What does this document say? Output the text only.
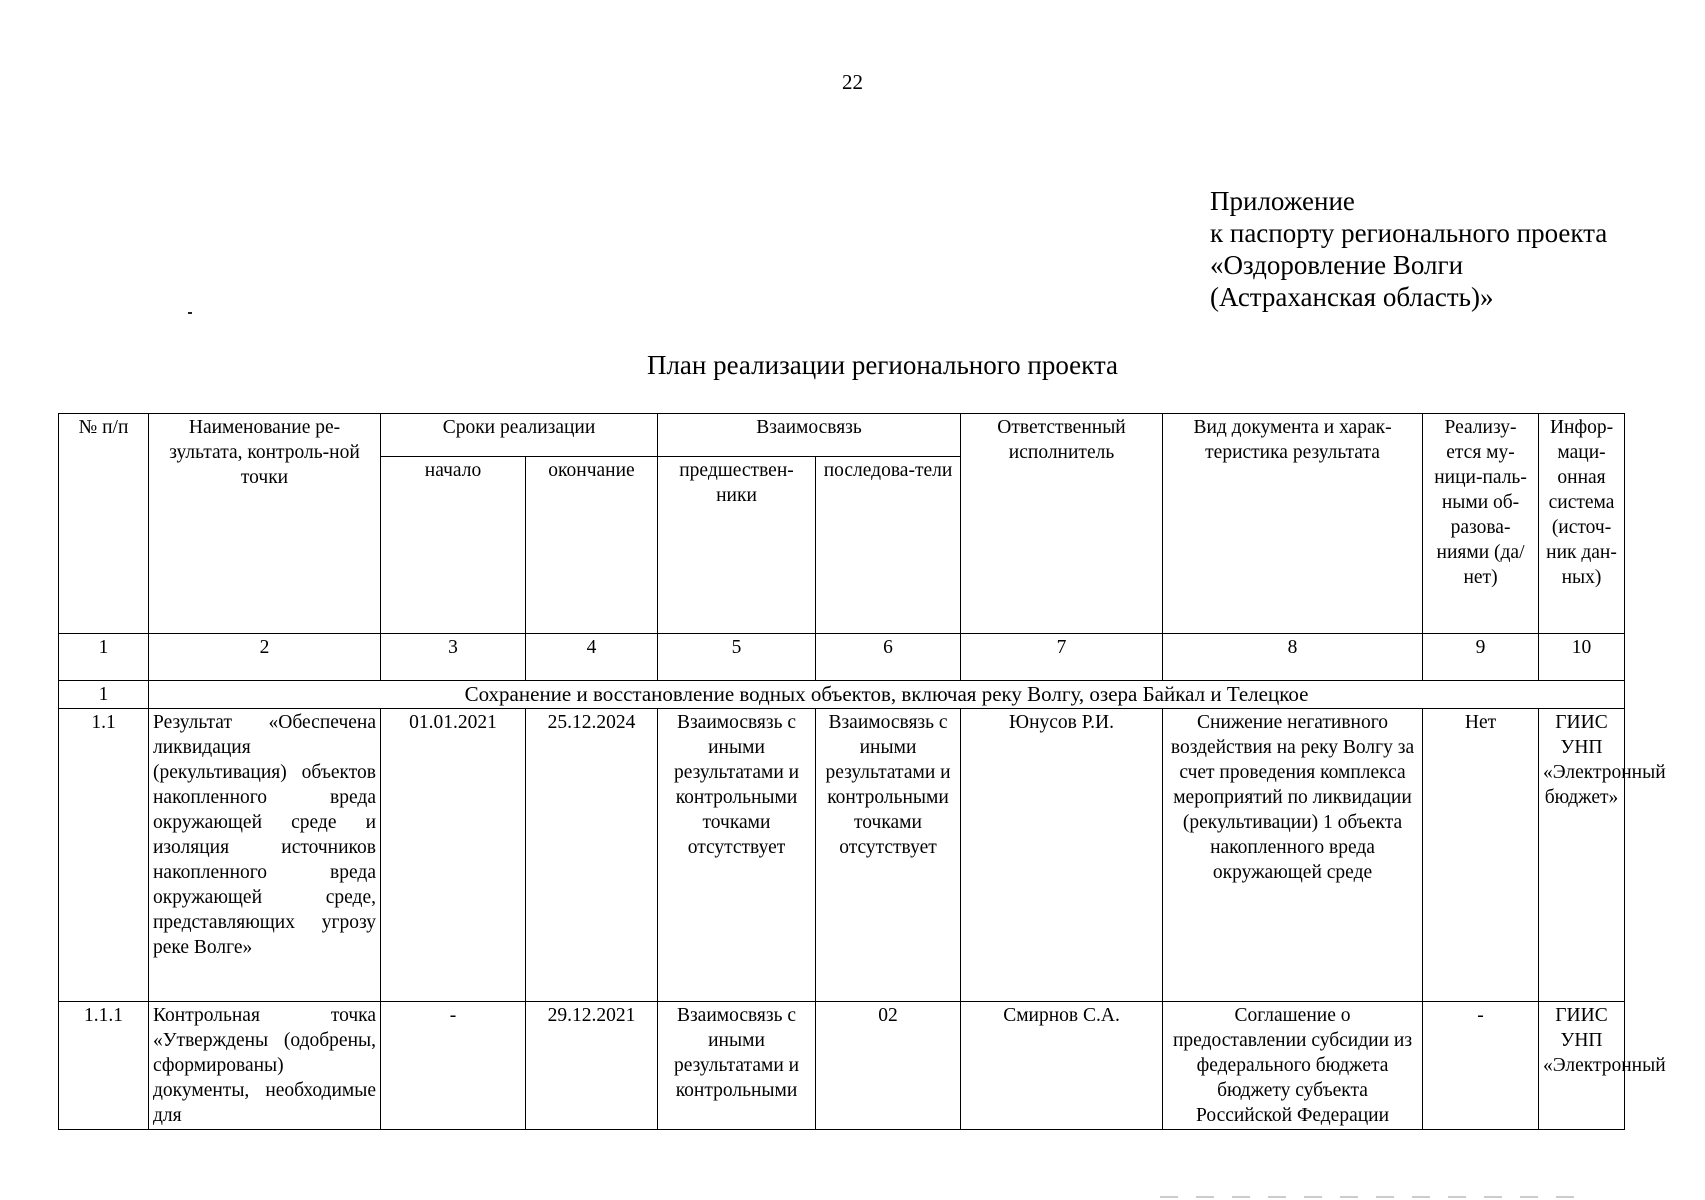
22
Приложение
к паспорту регионального проекта
«Оздоровление Волги
(Астраханская область)»
План реализации регионального проекта
№ п/п	Наименование ре-зультата, контроль-ной точки	Сроки реализации		Взаимосвязь		Ответственный исполнитель	Вид документа и харак-теристика результата	Реализу-ется му-ници-паль-ными об-разова-ниями (да/нет)	Инфор-маци-онная система (источ-ник дан-ных)
		начало	окончание	предшествен-ники	последова-тели				
1	2	3	4	5	6	7	8	9	10
1	Сохранение и восстановление водных объектов, включая реку Волгу, озера Байкал и Телецкое								
1.1	Результат «Обеспечена ликвидация (рекультивация) объектов накопленного вреда окружающей среде и изоляция источников накопленного вреда окружающей среде, представляющих угрозу реке Волге»	01.01.2021	25.12.2024	Взаимосвязь с иными результатами и контрольными точками отсутствует	Взаимосвязь с иными результатами и контрольными точками отсутствует	Юнусов Р.И.	Снижение негативного воздействия на реку Волгу за счет проведения комплекса мероприятий по ликвидации (рекультивации) 1 объекта накопленного вреда окружающей среде	Нет	ГИИС УНП «Электронный бюджет»
1.1.1	Контрольная точка «Утверждены (одобрены, сформированы) документы, необходимые для	-	29.12.2021	Взаимосвязь с иными результатами и контрольными	02	Смирнов С.А.	Соглашение о предоставлении субсидии из федерального бюджета бюджету субъекта Российской Федерации	-	ГИИС УНП «Электронный
